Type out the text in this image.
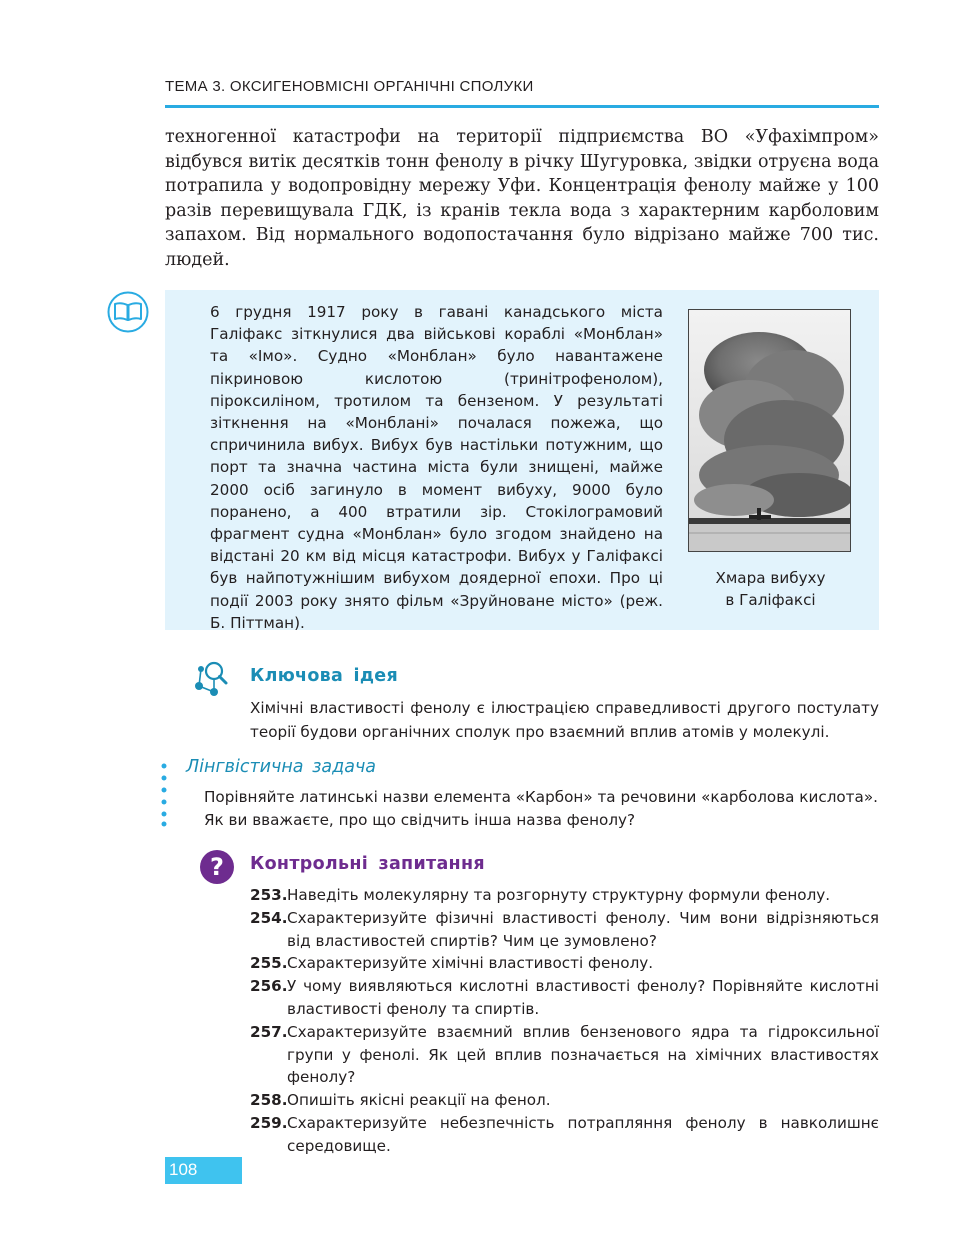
ТЕМА 3. ОКСИГЕНОВМІСНІ ОРГАНІЧНІ СПОЛУКИ
техногенної катастрофи на території підприємства ВО «Уфахімпром» відбувся витік десятків тонн фенолу в річку Шугуровка, звідки отруєна вода потрапила у водопровідну мережу Уфи. Концентрація фенолу майже у 100 разів перевищувала ГДК, із кранів текла вода з характерним карболовим запахом. Від нормального водопостачання було відрізано майже 700 тис. людей.
6 грудня 1917 року в гавані канадського міста Галіфакс зіткнулися два військові кораблі «Монблан» та «Імо». Судно «Монблан» було навантажене пікриновою кислотою (тринітрофенолом), піроксиліном, тротилом та бензеном. У результаті зіткнення на «Монблані» почалася пожежа, що спричинила вибух. Вибух був настільки потужним, що порт та значна частина міста були знищені, майже 2000 осіб загинуло в момент вибуху, 9000 було поранено, а 400 втратили зір. Стокілограмовий фрагмент судна «Монблан» було згодом знайдено на відстані 20 км від місця катастрофи. Вибух у Галіфаксі був найпотужнішим вибухом доядерної епохи. Про ці події 2003 року знято фільм «Зруйноване місто» (реж. Б. Піттман).
Хмара вибуху
в Галіфаксі
Ключова ідея
Хімічні властивості фенолу є ілюстрацією справедливості другого постулату теорії будови органічних сполук про взаємний вплив атомів у молекулі.
Лінгвістична задача
Порівняйте латинські назви елемента «Карбон» та речовини «карболова кислота».
Як ви вважаєте, про що свідчить інша назва фенолу?
? Контрольні запитання
253. Наведіть молекулярну та розгорнуту структурну формули фенолу.
254. Схарактеризуйте фізичні властивості фенолу. Чим вони відрізняються від властивостей спиртів? Чим це зумовлено?
255. Схарактеризуйте хімічні властивості фенолу.
256. У чому виявляються кислотні властивості фенолу? Порівняйте кислотні властивості фенолу та спиртів.
257. Схарактеризуйте взаємний вплив бензенового ядра та гідроксильної групи у фенолі. Як цей вплив позначається на хімічних властивостях фенолу?
258. Опишіть якісні реакції на фенол.
259. Схарактеризуйте небезпечність потрапляння фенолу в навколишнє середовище.
108
